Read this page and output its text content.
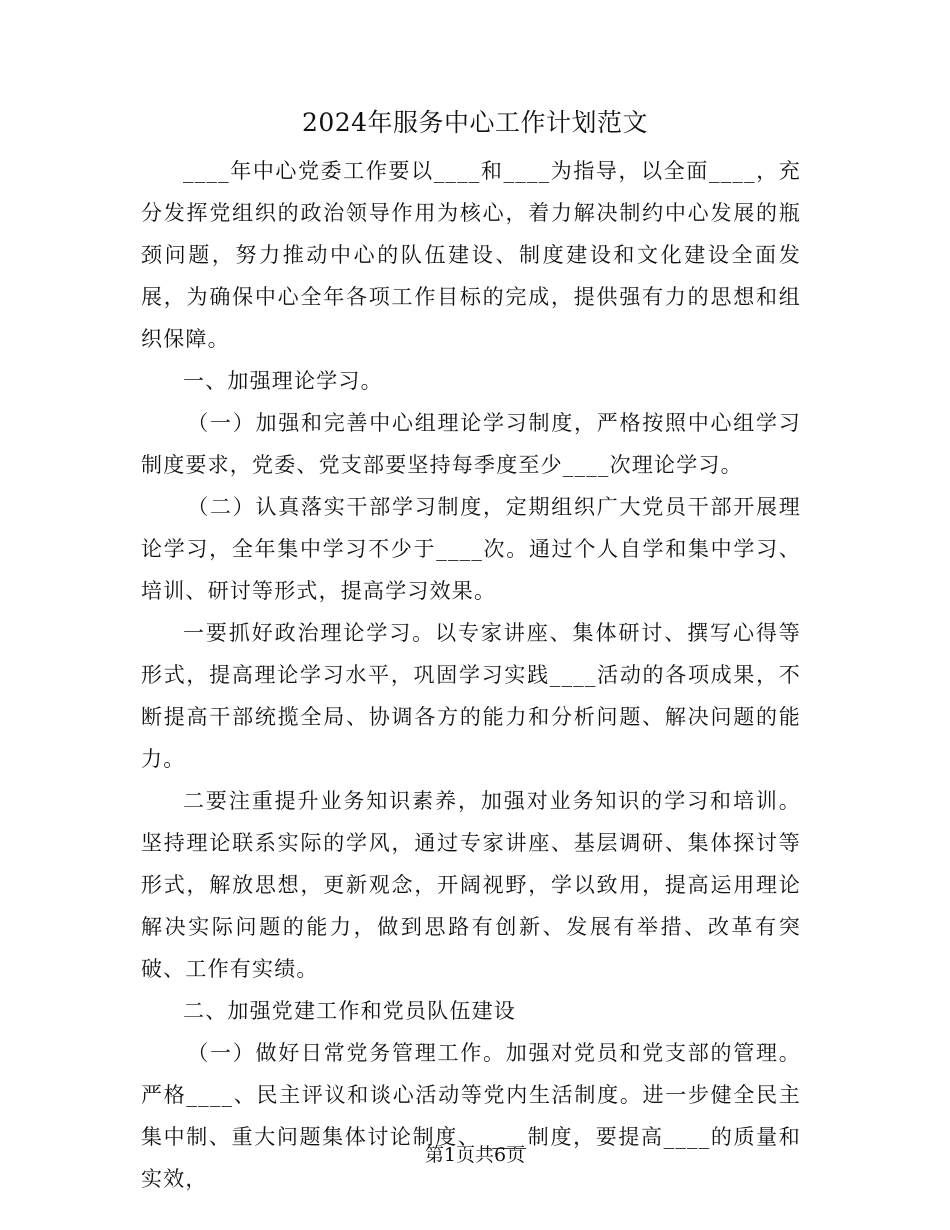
2024年服务中心工作计划范文

____年中心党委工作要以____和____为指导，以全面____，充分发挥党组织的政治领导作用为核心，着力解决制约中心发展的瓶颈问题，努力推动中心的队伍建设、制度建设和文化建设全面发展，为确保中心全年各项工作目标的完成，提供强有力的思想和组织保障。

一、加强理论学习。

（一）加强和完善中心组理论学习制度，严格按照中心组学习制度要求，党委、党支部要坚持每季度至少____次理论学习。

（二）认真落实干部学习制度，定期组织广大党员干部开展理论学习，全年集中学习不少于____次。通过个人自学和集中学习、培训、研讨等形式，提高学习效果。

一要抓好政治理论学习。以专家讲座、集体研讨、撰写心得等形式，提高理论学习水平，巩固学习实践____活动的各项成果，不断提高干部统揽全局、协调各方的能力和分析问题、解决问题的能力。

二要注重提升业务知识素养，加强对业务知识的学习和培训。坚持理论联系实际的学风，通过专家讲座、基层调研、集体探讨等形式，解放思想，更新观念，开阔视野，学以致用，提高运用理论解决实际问题的能力，做到思路有创新、发展有举措、改革有突破、工作有实绩。

二、加强党建工作和党员队伍建设

（一）做好日常党务管理工作。加强对党员和党支部的管理。严格____、民主评议和谈心活动等党内生活制度。进一步健全民主集中制、重大问题集体讨论制度、____制度，要提高____的质量和实效，

第1页共6页
